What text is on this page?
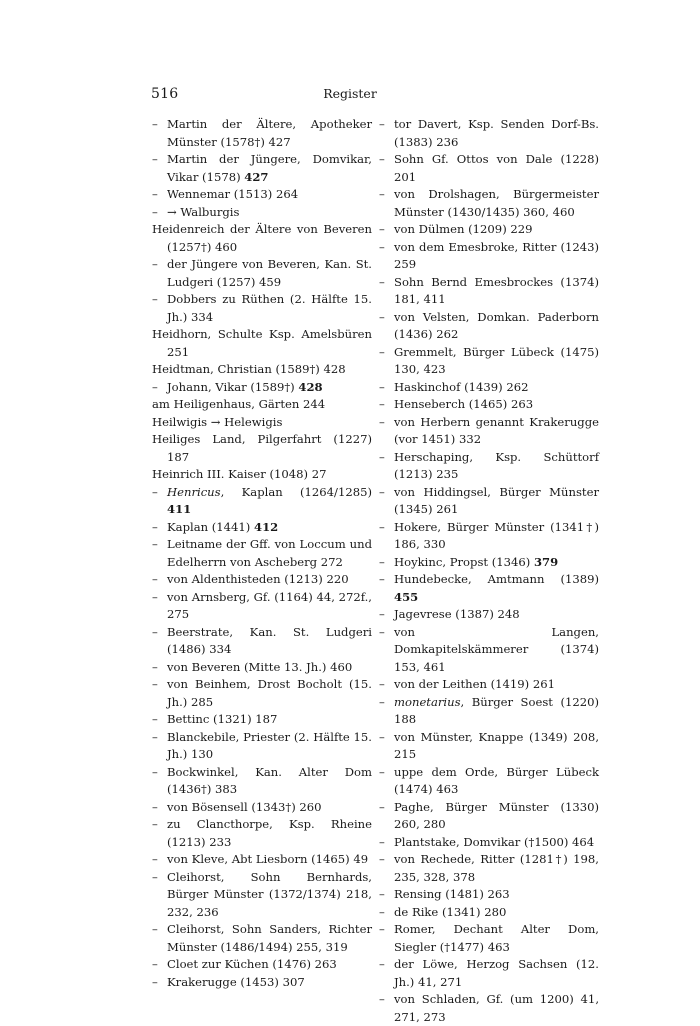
516	Register
– Martin der Ältere, Apotheker Münster (1578†) 427
– Martin der Jüngere, Domvikar, Vikar (1578) 427
– Wennemar (1513) 264
– → Walburgis
Heidenreich der Ältere von Beveren (1257†) 460
– der Jüngere von Beveren, Kan. St. Ludgeri (1257) 459
– Dobbers zu Rüthen (2. Hälfte 15. Jh.) 334
Heidhorn, Schulte Ksp. Amelsbüren 251
Heidtman, Christian (1589†) 428
– Johann, Vikar (1589†) 428
am Heiligenhaus, Gärten 244
Heilwigis → Helewigis
Heiliges Land, Pilgerfahrt (1227) 187
Heinrich III. Kaiser (1048) 27
– Henricus, Kaplan (1264/1285) 411
– Kaplan (1441) 412
– Leitname der Gff. von Loccum und Edelherrn von Ascheberg 272
– von Aldenthisteden (1213) 220
– von Arnsberg, Gf. (1164) 44, 272f., 275
– Beerstrate, Kan. St. Ludgeri (1486) 334
– von Beveren (Mitte 13. Jh.) 460
– von Beinhem, Drost Bocholt (15. Jh.) 285
– Bettinc (1321) 187
– Blanckebile, Priester (2. Hälfte 15. Jh.) 130
– Bockwinkel, Kan. Alter Dom (1436†) 383
– von Bösensell (1343†) 260
– zu Clancthorpe, Ksp. Rheine (1213) 233
– von Kleve, Abt Liesborn (1465) 49
– Cleihorst, Sohn Bernhards, Bürger Münster (1372/1374) 218, 232, 236
– Cleihorst, Sohn Sanders, Richter Münster (1486/1494) 255, 319
– Cloet zur Küchen (1476) 263
– Krakerugge (1453) 307
– tor Davert, Ksp. Senden Dorf-Bs. (1383) 236
– Sohn Gf. Ottos von Dale (1228) 201
– von Drolshagen, Bürgermeister Münster (1430/1435) 360, 460
– von Dülmen (1209) 229
– von dem Emesbroke, Ritter (1243) 259
– Sohn Bernd Emesbrockes (1374) 181, 411
– von Velsten, Domkan. Paderborn (1436) 262
– Gremmelt, Bürger Lübeck (1475) 130, 423
– Haskinchof (1439) 262
– Henseberch (1465) 263
– von Herbern genannt Krakerugge (vor 1451) 332
– Herschaping, Ksp. Schüttorf (1213) 235
– von Hiddingsel, Bürger Münster (1345) 261
– Hokere, Bürger Münster (1341†) 186, 330
– Hoykinc, Propst (1346) 379
– Hundebecke, Amtmann (1389) 455
– Jagevrese (1387) 248
– von Langen, Domkapitelskämmerer (1374) 153, 461
– von der Leithen (1419) 261
– monetarius, Bürger Soest (1220) 188
– von Münster, Knappe (1349) 208, 215
– uppe dem Orde, Bürger Lübeck (1474) 463
– Paghe, Bürger Münster (1330) 260, 280
– Plantstake, Domvikar (†1500) 464
– von Rechede, Ritter (1281†) 198, 235, 328, 378
– Rensing (1481) 263
– de Rike (1341) 280
– Romer, Dechant Alter Dom, Siegler (†1477) 463
– der Löwe, Herzog Sachsen (12. Jh.) 41, 271
– von Schladen, Gf. (um 1200) 41, 271, 273
